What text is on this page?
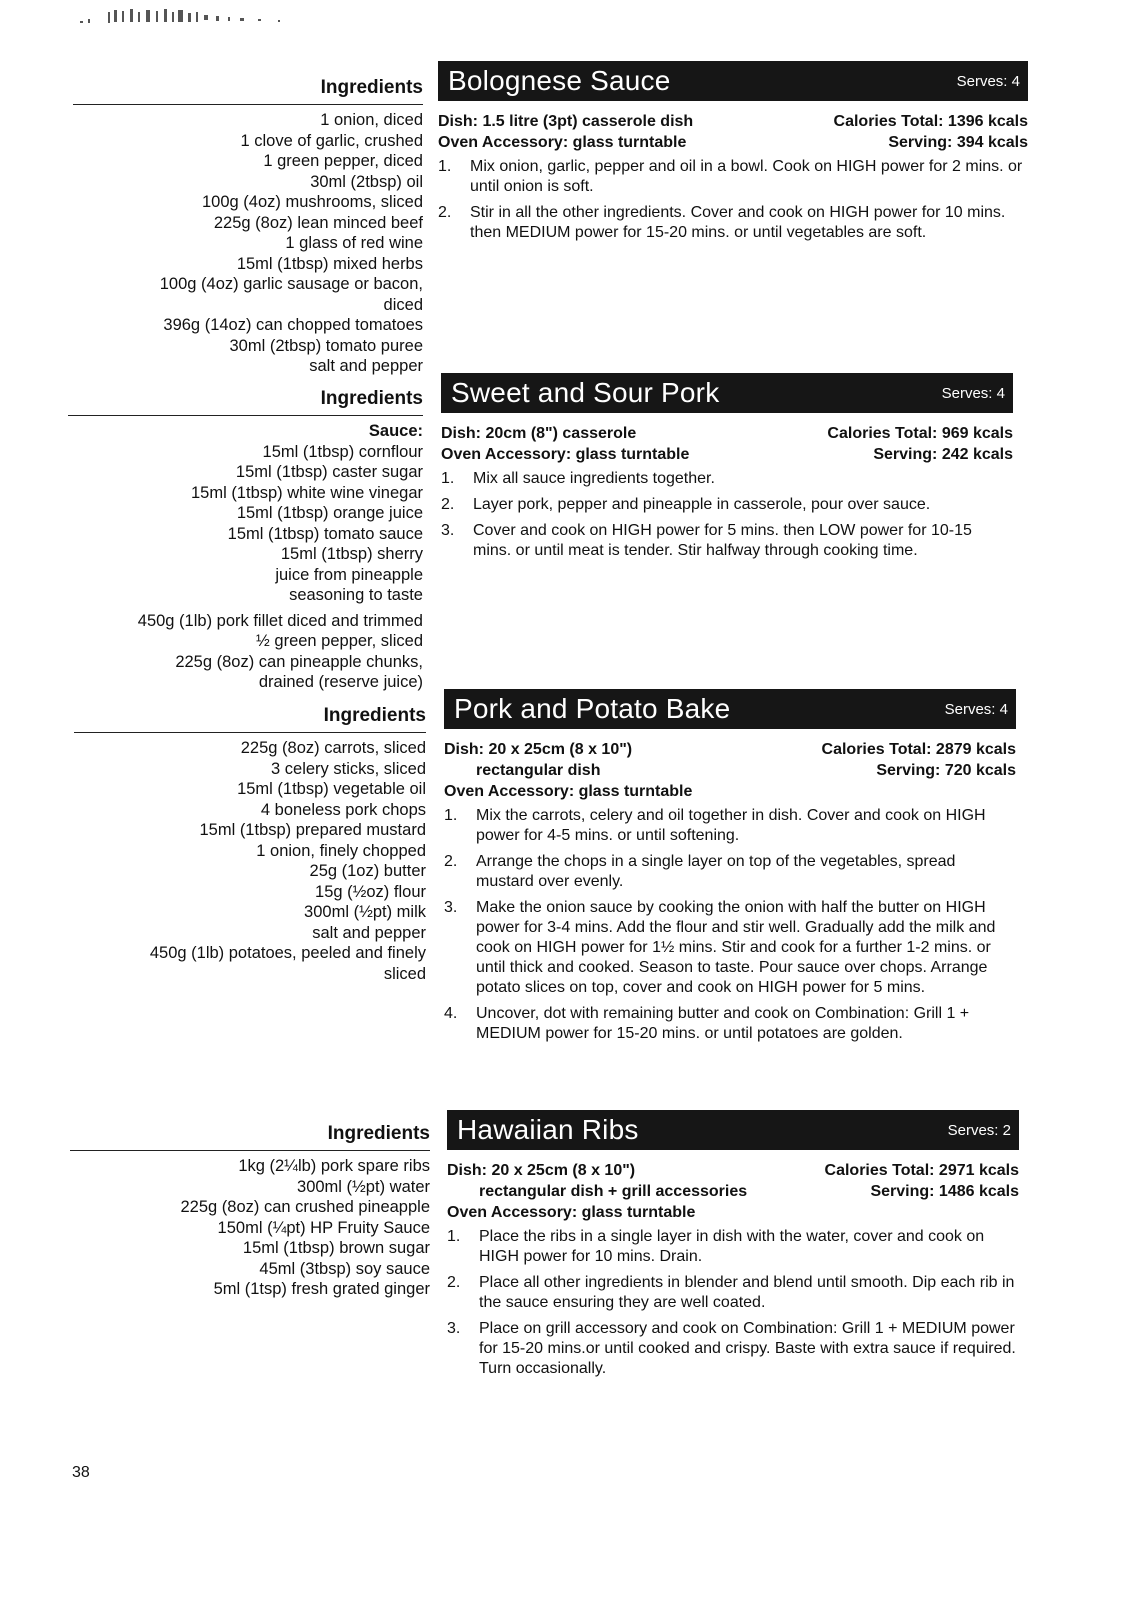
Ingredients
1 onion, diced
1 clove of garlic, crushed
1 green pepper, diced
30ml (2tbsp) oil
100g (4oz) mushrooms, sliced
225g (8oz) lean minced beef
1 glass of red wine
15ml (1tbsp) mixed herbs
100g (4oz) garlic sausage or bacon,
diced
396g (14oz) can chopped tomatoes
30ml (2tbsp) tomato puree
salt and pepper
Bolognese Sauce	Serves: 4
Dish: 1.5 litre (3pt) casserole dish	Calories Total: 1396 kcals
Oven Accessory: glass turntable	Serving: 394 kcals
1.	Mix onion, garlic, pepper and oil in a bowl. Cook on HIGH power for 2 mins. or until onion is soft.
2.	Stir in all the other ingredients. Cover and cook on HIGH power for 10 mins. then MEDIUM power for 15-20 mins. or until vegetables are soft.
Ingredients
Sauce:
15ml (1tbsp) cornflour
15ml (1tbsp) caster sugar
15ml (1tbsp) white wine vinegar
15ml (1tbsp) orange juice
15ml (1tbsp) tomato sauce
15ml (1tbsp) sherry
juice from pineapple
seasoning to taste
450g (1lb) pork fillet diced and trimmed
½ green pepper, sliced
225g (8oz) can pineapple chunks,
drained (reserve juice)
Sweet and Sour Pork	Serves: 4
Dish: 20cm (8") casserole	Calories Total: 969 kcals
Oven Accessory: glass turntable	Serving: 242 kcals
1.	Mix all sauce ingredients together.
2.	Layer pork, pepper and pineapple in casserole, pour over sauce.
3.	Cover and cook on HIGH power for 5 mins. then LOW power for 10-15 mins. or until meat is tender. Stir halfway through cooking time.
Ingredients
225g (8oz) carrots, sliced
3 celery sticks, sliced
15ml (1tbsp) vegetable oil
4 boneless pork chops
15ml (1tbsp) prepared mustard
1 onion, finely chopped
25g (1oz) butter
15g (½oz) flour
300ml (½pt) milk
salt and pepper
450g (1lb) potatoes, peeled and finely
sliced
Pork and Potato Bake	Serves: 4
Dish: 20 x 25cm (8 x 10")	Calories Total: 2879 kcals
rectangular dish	Serving: 720 kcals
Oven Accessory: glass turntable
1.	Mix the carrots, celery and oil together in dish. Cover and cook on HIGH power for 4-5 mins. or until softening.
2.	Arrange the chops in a single layer on top of the vegetables, spread mustard over evenly.
3.	Make the onion sauce by cooking the onion with half the butter on HIGH power for 3-4 mins. Add the flour and stir well. Gradually add the milk and cook on HIGH power for 1½ mins. Stir and cook for a further 1-2 mins. or until thick and cooked. Season to taste. Pour sauce over chops. Arrange potato slices on top, cover and cook on HIGH power for 5 mins.
4.	Uncover, dot with remaining butter and cook on Combination: Grill 1 + MEDIUM power for 15-20 mins. or until potatoes are golden.
Ingredients
1kg (2¼lb) pork spare ribs
300ml (½pt) water
225g (8oz) can crushed pineapple
150ml (¼pt) HP Fruity Sauce
15ml (1tbsp) brown sugar
45ml (3tbsp) soy sauce
5ml (1tsp) fresh grated ginger
Hawaiian Ribs	Serves: 2
Dish: 20 x 25cm (8 x 10")	Calories Total: 2971 kcals
rectangular dish + grill accessories	Serving: 1486 kcals
Oven Accessory: glass turntable
1.	Place the ribs in a single layer in dish with the water, cover and cook on HIGH power for 10 mins. Drain.
2.	Place all other ingredients in blender and blend until smooth. Dip each rib in the sauce ensuring they are well coated.
3.	Place on grill accessory and cook on Combination: Grill 1 + MEDIUM power for 15-20 mins.or until cooked and crispy. Baste with extra sauce if required. Turn occasionally.
38
